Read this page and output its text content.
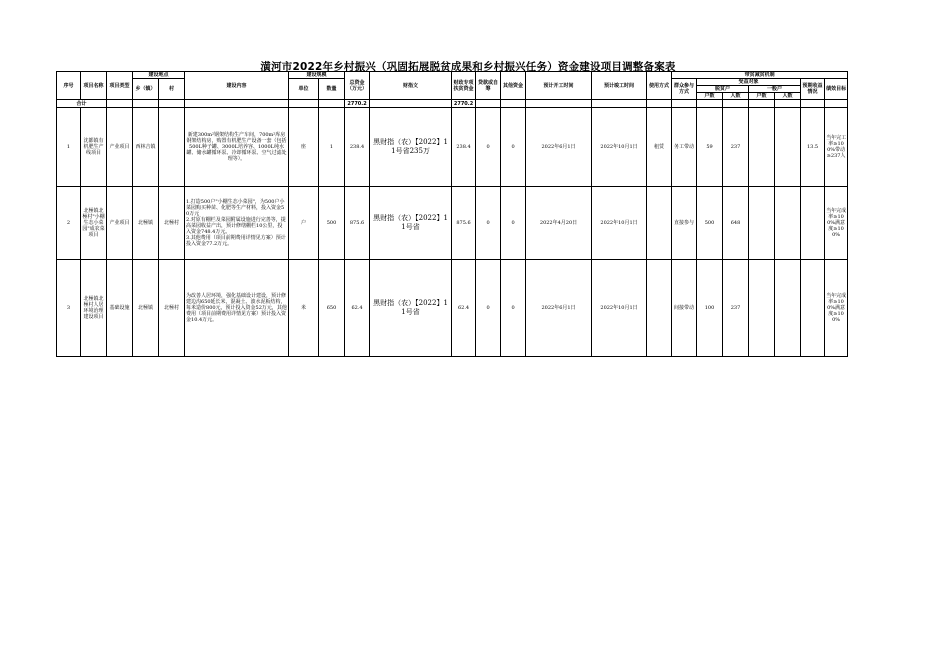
潢河市2022年乡村振兴（巩固拓展脱贫成果和乡村振兴任务）资金建设项目调整备案表
序号	项目名称	项目类型	建设地点		建设内容	建设规模		总资金（万元）	财指文	财政专项扶贫资金	贷款或自筹	其他资金	预计开工时间	预计竣工时间	使用方式	带贫减贫机制						
			乡（镇）	村		单位	数量									群众参与方式	受益对象				预期收益情况	绩效目标
																	脱贫户		一般户			
																	户数	人数	户数	人数		
合计								2770.2		2770.2												
1	沈都镇有机肥生产线项目	产业项目	西林吉镇		新建300m²钢架结构生产车间，700m²库房钢架结构房，购置有机肥生产设备一套（包括500L种子罐、3000L培养容、1000L纯水罐、储水罐循环泵、冷却循环泵、空气过滤处理等）。	座	1	238.4	黑财指（农）【2022】11号省235万	238.4	0	0	2022年6月1日	2022年10月1日	租赁	务工带动	59	237			13.5	当年完工率≥100%带动≥237人
2	北極镇北極村"小棚生态小菜园"成农菜项目	产业项目	北極镇	北極村	1.打造500户"小棚生态小菜园"，为500户小菜园购买种苗、化肥等生产材料，投入资金50万元
2.对原有棚栏及菜园附属设施进行完善等，提高菜园收益产出，预计修缮棚栏10公里，投入资金748.4万元。
3.其他费用（项目前期费用详情见方案）预计投入资金77.2万元。	户	500	875.6	黑财指（农）【2022】11号省	875.6	0	0	2022年4月20日	2022年10月1日		直接参与	500	648				当年完成率≥100%满意度≥100%
3	北極镇北極村人居环境治理建设项目	基础设施	北極镇	北極村	为改善人居环境，强化基础设计建设，预计修建边沟650延长米，混凝土、波水泥板结构，每米造价800元，预计投入资金52万元，其他费用（项目前期费用详情见方案）预计投入资金10.4万元。	米	650	62.4	黑财指（农）【2022】11号省	62.4	0	0	2022年6月1日	2022年10月1日		间接带动	100	237				当年完成率≥100%满意度≥100%
